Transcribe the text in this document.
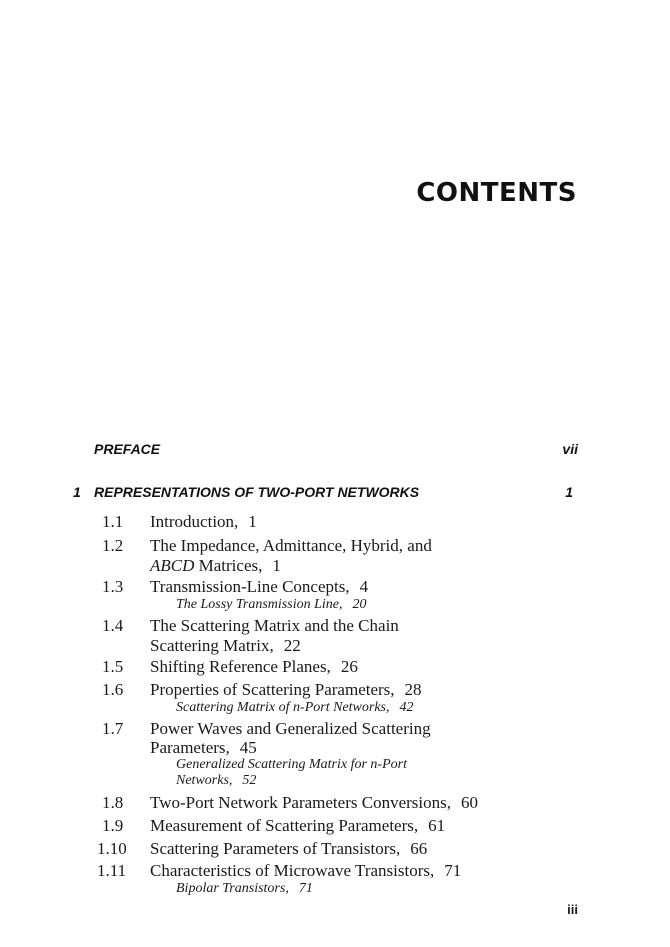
CONTENTS
PREFACE	vii
1 REPRESENTATIONS OF TWO-PORT NETWORKS	1
1.1	Introduction, 1
1.2	The Impedance, Admittance, Hybrid, and
ABCD Matrices, 1
1.3	Transmission-Line Concepts, 4
The Lossy Transmission Line, 20
1.4	The Scattering Matrix and the Chain
Scattering Matrix, 22
1.5	Shifting Reference Planes, 26
1.6	Properties of Scattering Parameters, 28
Scattering Matrix of n-Port Networks, 42
1.7	Power Waves and Generalized Scattering
Parameters, 45
Generalized Scattering Matrix for n-Port
Networks, 52
1.8	Two-Port Network Parameters Conversions, 60
1.9	Measurement of Scattering Parameters, 61
1.10	Scattering Parameters of Transistors, 66
1.11	Characteristics of Microwave Transistors, 71
Bipolar Transistors, 71
iii
